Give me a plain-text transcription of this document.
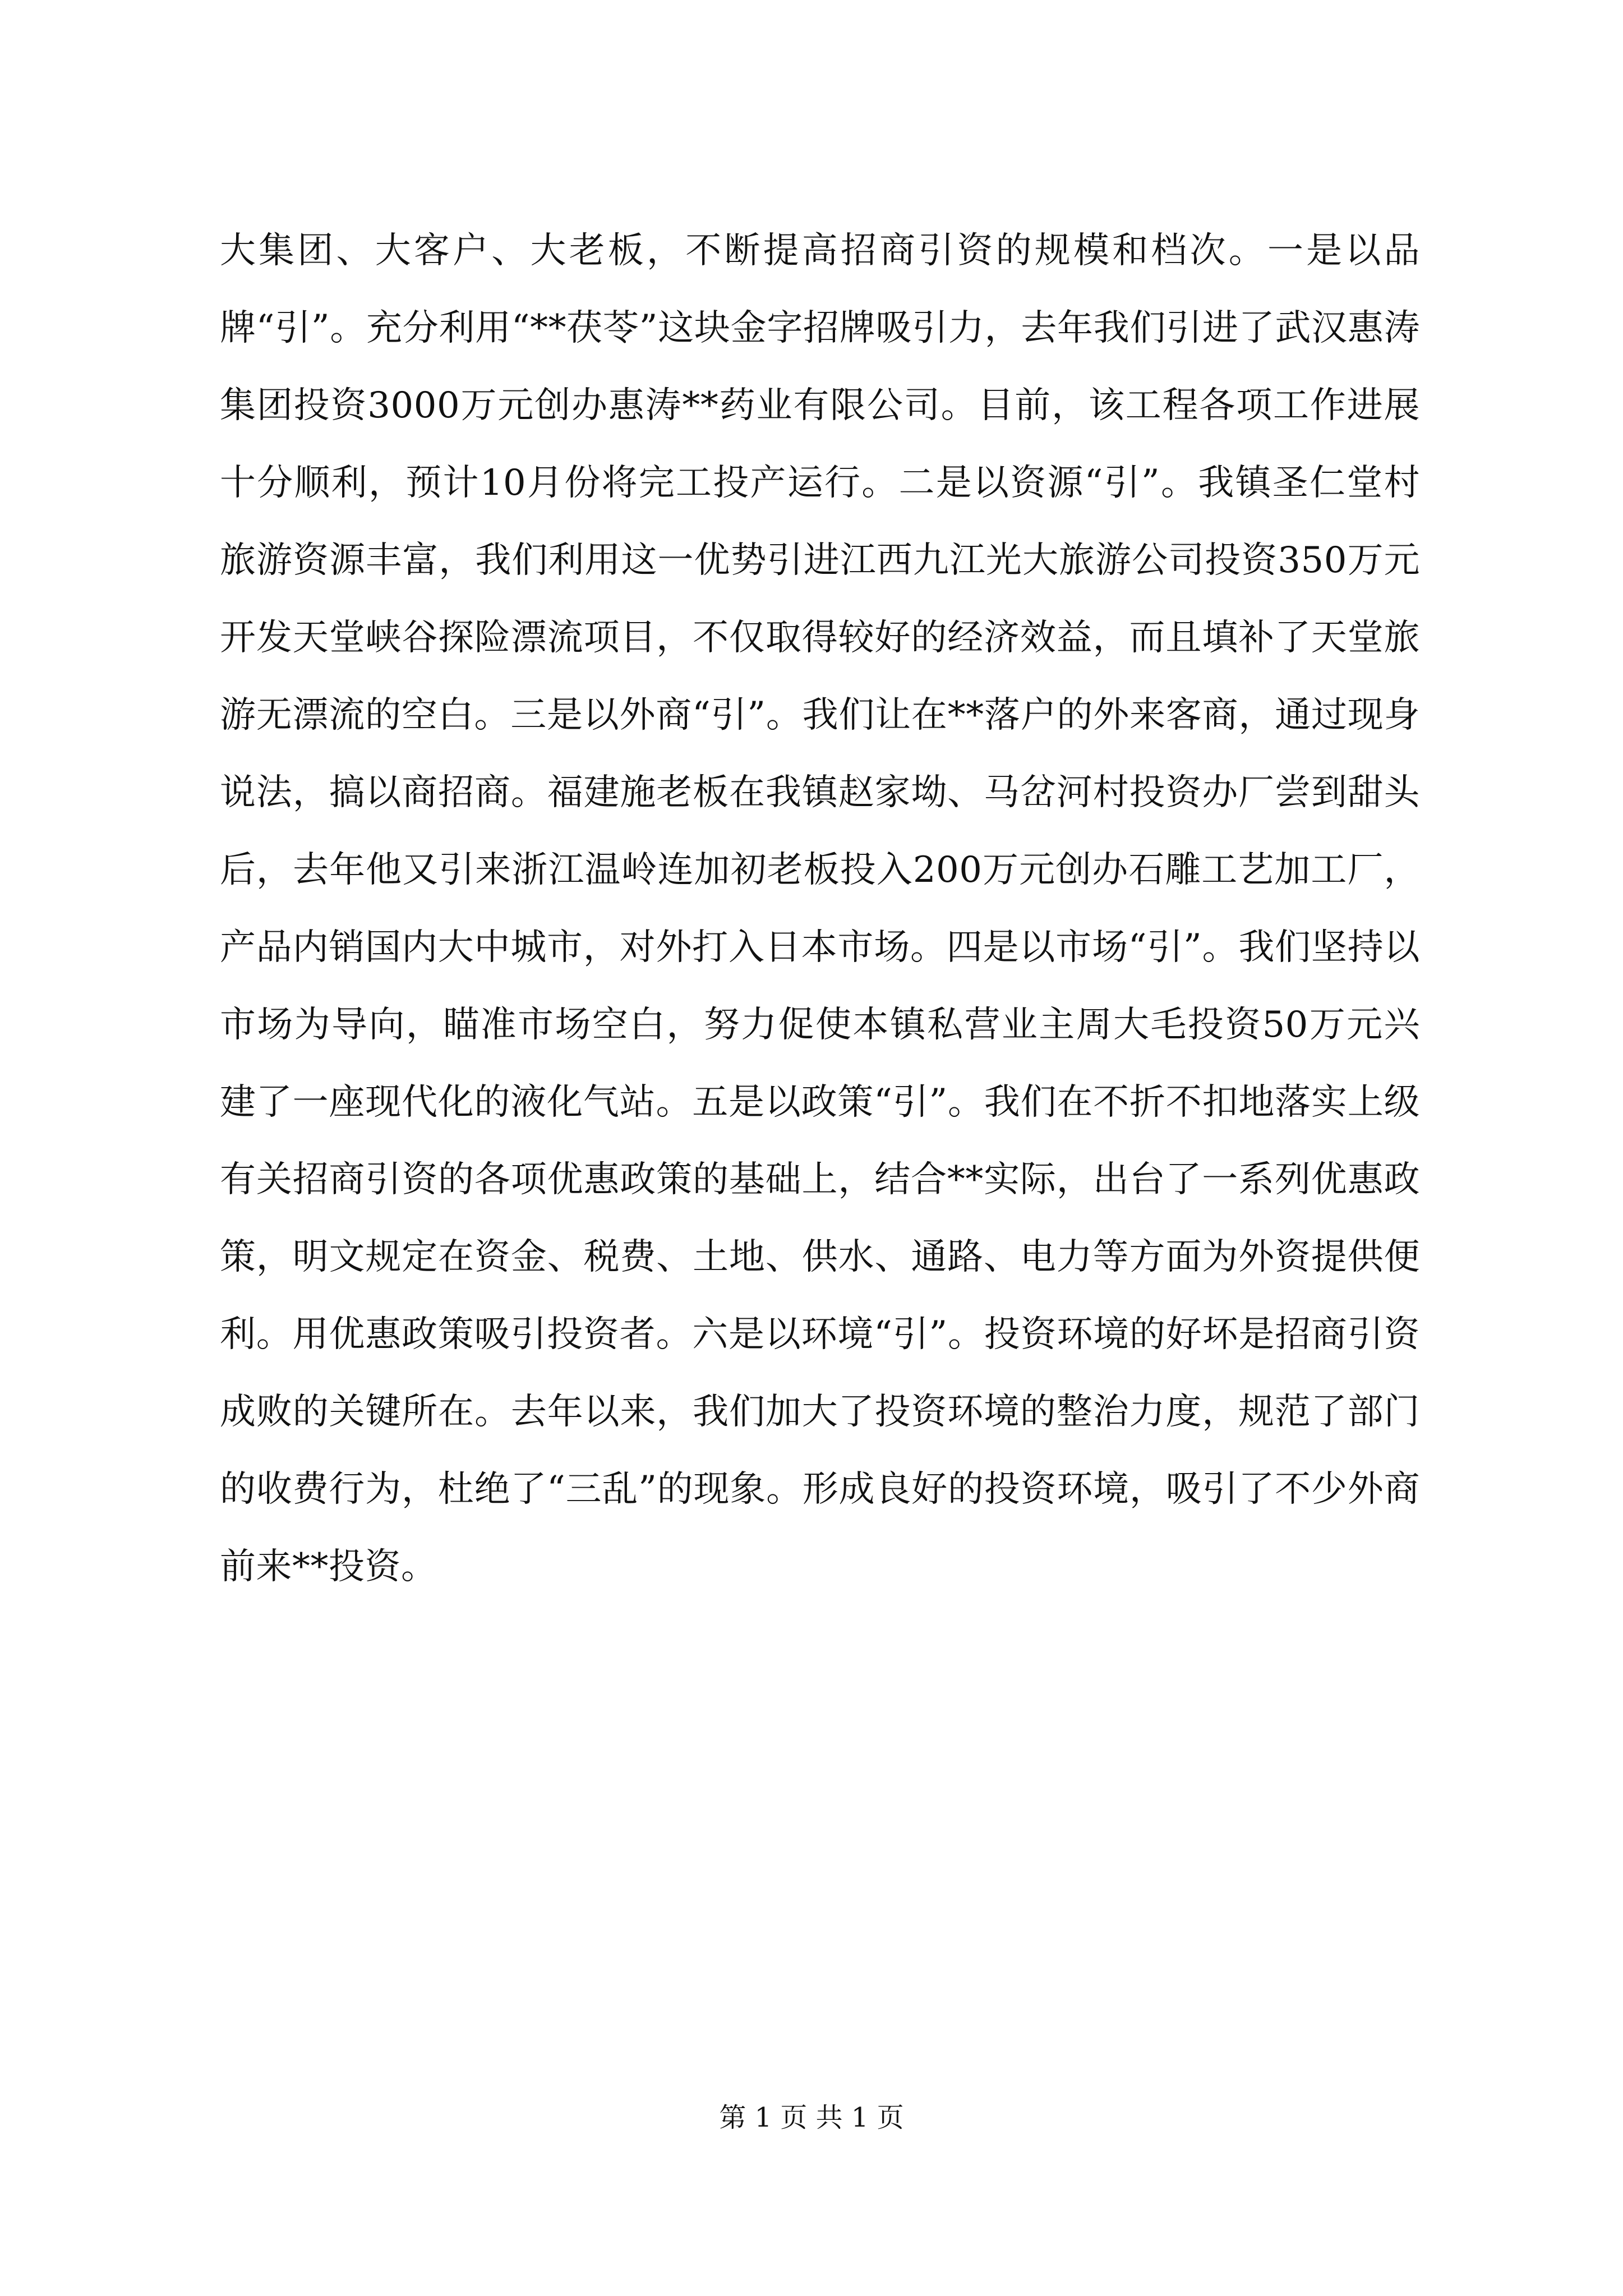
大集团、大客户、大老板，不断提高招商引资的规模和档次。一是以品牌“引”。充分利用“**茯苓”这块金字招牌吸引力，去年我们引进了武汉惠涛集团投资3000万元创办惠涛**药业有限公司。目前，该工程各项工作进展十分顺利，预计10月份将完工投产运行。二是以资源“引”。我镇圣仁堂村旅游资源丰富，我们利用这一优势引进江西九江光大旅游公司投资350万元开发天堂峡谷探险漂流项目，不仅取得较好的经济效益，而且填补了天堂旅游无漂流的空白。三是以外商“引”。我们让在**落户的外来客商，通过现身说法，搞以商招商。福建施老板在我镇赵家坳、马岔河村投资办厂尝到甜头后，去年他又引来浙江温岭连加初老板投入200万元创办石雕工艺加工厂，产品内销国内大中城市，对外打入日本市场。四是以市场“引”。我们坚持以市场为导向，瞄准市场空白，努力促使本镇私营业主周大毛投资50万元兴建了一座现代化的液化气站。五是以政策“引”。我们在不折不扣地落实上级有关招商引资的各项优惠政策的基础上，结合**实际，出台了一系列优惠政策，明文规定在资金、税费、土地、供水、通路、电力等方面为外资提供便利。用优惠政策吸引投资者。六是以环境“引”。投资环境的好坏是招商引资成败的关键所在。去年以来，我们加大了投资环境的整治力度，规范了部门的收费行为，杜绝了“三乱”的现象。形成良好的投资环境，吸引了不少外商前来**投资。

第 1 页 共 1 页
